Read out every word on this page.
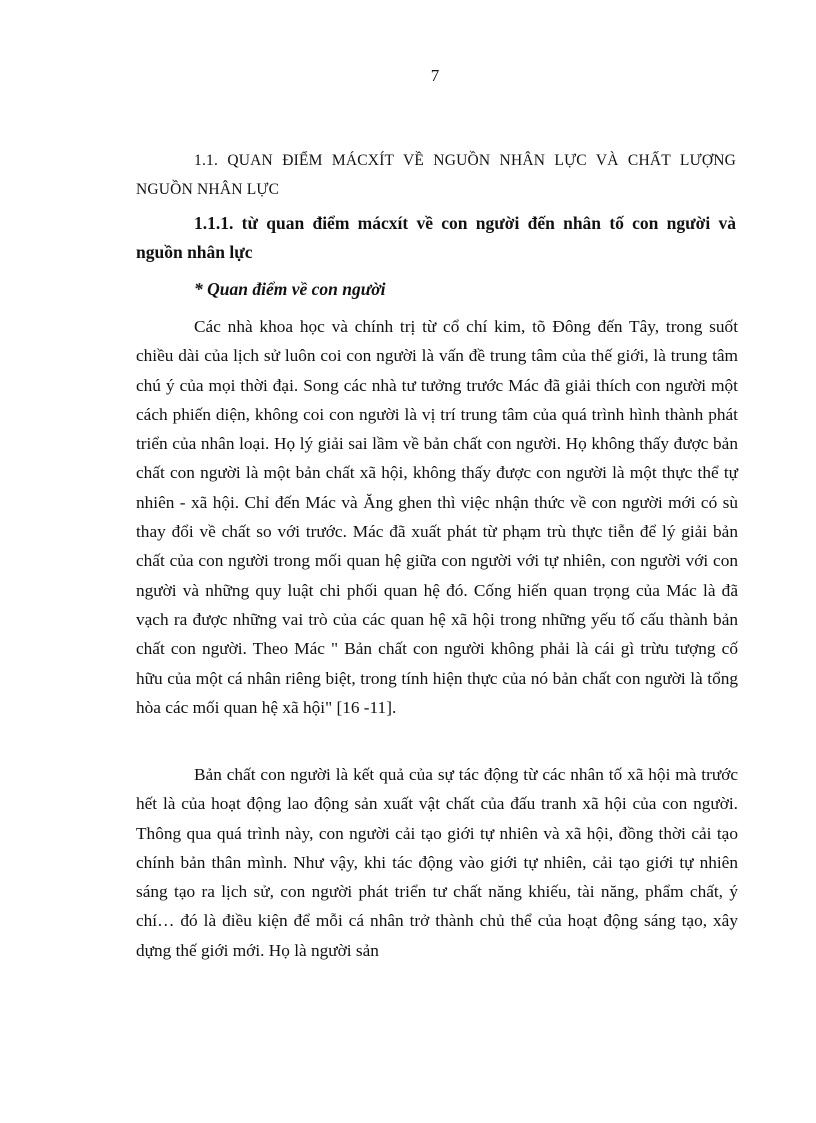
7

1.1. QUAN ĐIỂM MÁCXÍT VỀ NGUỒN NHÂN LỰC VÀ CHẤT LƯỢNG NGUỒN NHÂN LỰC

1.1.1. từ quan điểm mácxít về con người đến nhân tố con người và nguồn nhân lực

* Quan điểm về con người

Các nhà khoa học và chính trị từ cổ chí kim, tõ Đông đến Tây, trong suốt chiều dài của lịch sử luôn coi con người là vấn đề trung tâm của thế giới, là trung tâm chú ý của mọi thời đại. Song các nhà tư tưởng trước Mác đã giải thích con người một cách phiến diện, không coi con người là vị trí trung tâm của quá trình hình thành phát triển của nhân loại. Họ lý giải sai lầm về bản chất con người. Họ không thấy được bản chất con người là một bản chất xã hội, không thấy được con người là một thực thể tự nhiên - xã hội. Chỉ đến Mác và Ăng ghen thì việc nhận thức về con người mới có sù thay đổi về chất so với trước. Mác đã xuất phát từ phạm trù thực tiễn để lý giải bản chất của con người trong mối quan hệ giữa con người với tự nhiên, con người với con người và những quy luật chi phối quan hệ đó. Cống hiến quan trọng của Mác là đã vạch ra được những vai trò của các quan hệ xã hội trong những yếu tố cấu thành bản chất con người. Theo Mác " Bản chất con người không phải là cái gì trừu tượng cố hữu của một cá nhân riêng biệt, trong tính hiện thực của nó bản chất con người là tổng hòa các mối quan hệ xã hội" [16 -11].

Bản chất con người là kết quả của sự tác động từ các nhân tố xã hội mà trước hết là của hoạt động lao động sản xuất vật chất của đấu tranh xã hội của con người. Thông qua quá trình này, con người cải tạo giới tự nhiên và xã hội, đồng thời cải tạo chính bản thân mình. Như vậy, khi tác động vào giới tự nhiên, cải tạo giới tự nhiên sáng tạo ra lịch sử, con người phát triển tư chất năng khiếu, tài năng, phẩm chất, ý chí… đó là điều kiện để mỗi cá nhân trở thành chủ thể của hoạt động sáng tạo, xây dựng thế giới mới. Họ là người sản
